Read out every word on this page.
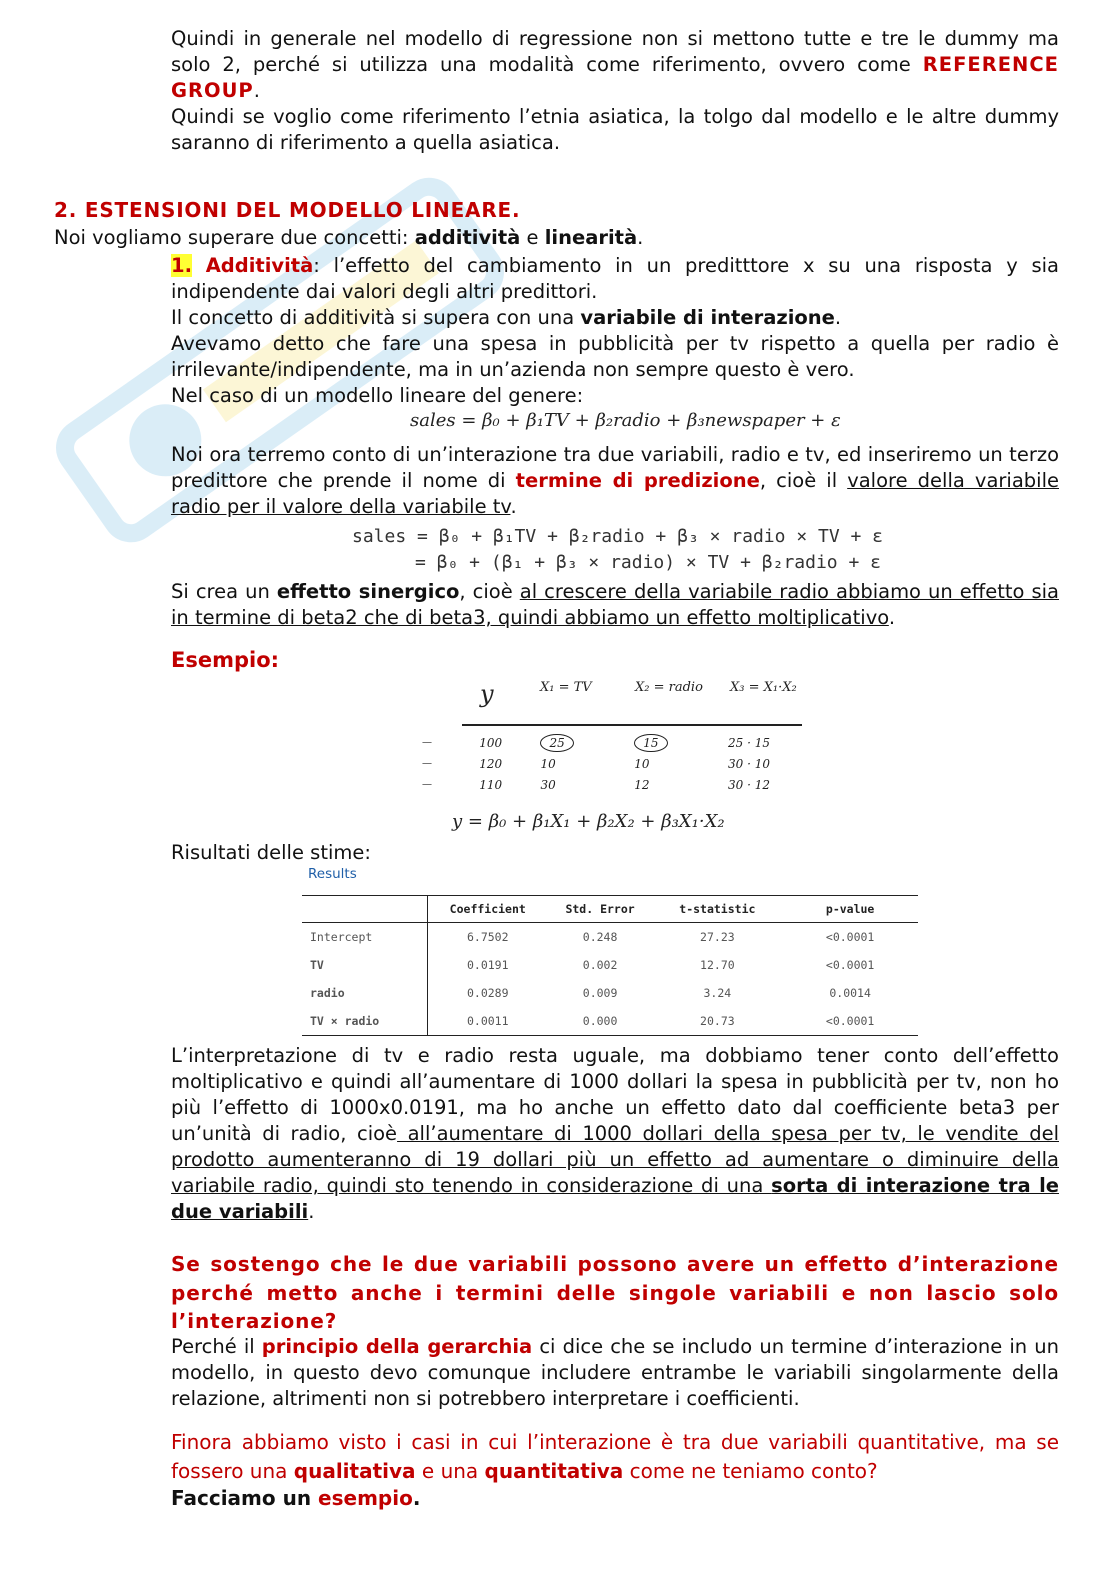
Quindi in generale nel modello di regressione non si mettono tutte e tre le dummy ma solo 2, perché si utilizza una modalità come riferimento, ovvero come REFERENCE GROUP.
Quindi se voglio come riferimento l’etnia asiatica, la tolgo dal modello e le altre dummy saranno di riferimento a quella asiatica.

2. ESTENSIONI DEL MODELLO LINEARE.
Noi vogliamo superare due concetti: additività e linearità.

1. Additività: l’effetto del cambiamento in un preditttore x su una risposta y sia indipendente dai valori degli altri predittori.

Il concetto di additività si supera con una variabile di interazione.

Avevamo detto che fare una spesa in pubblicità per tv rispetto a quella per radio è irrilevante/indipendente, ma in un’azienda non sempre questo è vero.

Nel caso di un modello lineare del genere:

sales = β₀ + β₁TV + β₂radio + β₃newspaper + ε

Noi ora terremo conto di un’interazione tra due variabili, radio e tv, ed inseriremo un terzo predittore che prende il nome di termine di predizione, cioè il valore della variabile radio per il valore della variabile tv.

sales = β₀ + β₁TV + β₂radio + β₃ × radio × TV + ε
= β₀ + (β₁ + β₃ × radio) × TV + β₂radio + ε

Si crea un effetto sinergico, cioè al crescere della variabile radio abbiamo un effetto sia in termine di beta2 che di beta3, quindi abbiamo un effetto moltiplicativo.

Esempio:
y	X₁ = TV	X₂ = radio	X₃ = X₁·X₂
—	100	25	15	25 · 15
—	120	10	10	30 · 10
—	110	30	12	30 · 12
y = β₀ + β₁X₁ + β₂X₂ + β₃X₁·X₂

Risultati delle stime:

Results
	Coefficient	Std. Error	t-statistic	p-value
Intercept	6.7502	0.248	27.23	<0.0001
TV	0.0191	0.002	12.70	<0.0001
radio	0.0289	0.009	3.24	0.0014
TV × radio	0.0011	0.000	20.73	<0.0001

L’interpretazione di tv e radio resta uguale, ma dobbiamo tener conto dell’effetto moltiplicativo e quindi all’aumentare di 1000 dollari la spesa in pubblicità per tv, non ho più l’effetto di 1000x0.0191, ma ho anche un effetto dato dal coefficiente beta3 per un’unità di radio, cioè all’aumentare di 1000 dollari della spesa per tv, le vendite del prodotto aumenteranno di 19 dollari più un effetto ad aumentare o diminuire della variabile radio, quindi sto tenendo in considerazione di una sorta di interazione tra le due variabili.

Se sostengo che le due variabili possono avere un effetto d’interazione perché metto anche i termini delle singole variabili e non lascio solo l’interazione?

Perché il principio della gerarchia ci dice che se includo un termine d’interazione in un modello, in questo devo comunque includere entrambe le variabili singolarmente della relazione, altrimenti non si potrebbero interpretare i coefficienti.

Finora abbiamo visto i casi in cui l’interazione è tra due variabili quantitative, ma se fossero una qualitativa e una quantitativa come ne teniamo conto?

Facciamo un esempio.
